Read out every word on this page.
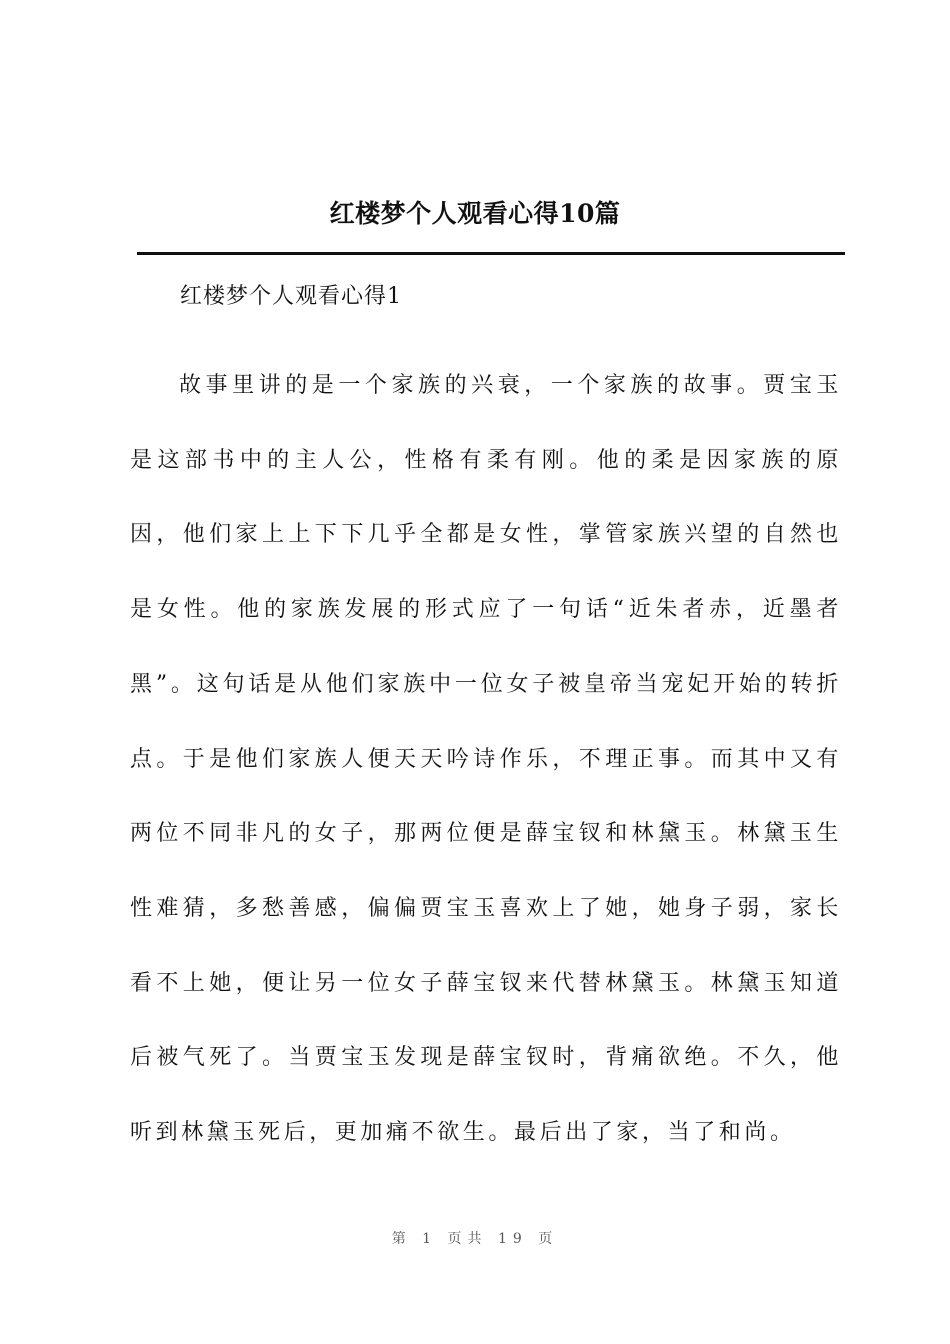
红楼梦个人观看心得10篇
红楼梦个人观看心得1

故事里讲的是一个家族的兴衰，一个家族的故事。贾宝玉是这部书中的主人公，性格有柔有刚。他的柔是因家族的原因，他们家上上下下几乎全都是女性，掌管家族兴望的自然也是女性。他的家族发展的形式应了一句话“近朱者赤，近墨者黑”。这句话是从他们家族中一位女子被皇帝当宠妃开始的转折点。于是他们家族人便天天吟诗作乐，不理正事。而其中又有两位不同非凡的女子，那两位便是薛宝钗和林黛玉。林黛玉生性难猜，多愁善感，偏偏贾宝玉喜欢上了她，她身子弱，家长看不上她，便让另一位女子薛宝钗来代替林黛玉。林黛玉知道后被气死了。当贾宝玉发现是薛宝钗时，背痛欲绝。不久，他听到林黛玉死后，更加痛不欲生。最后出了家，当了和尚。

第 1 页共 19 页
